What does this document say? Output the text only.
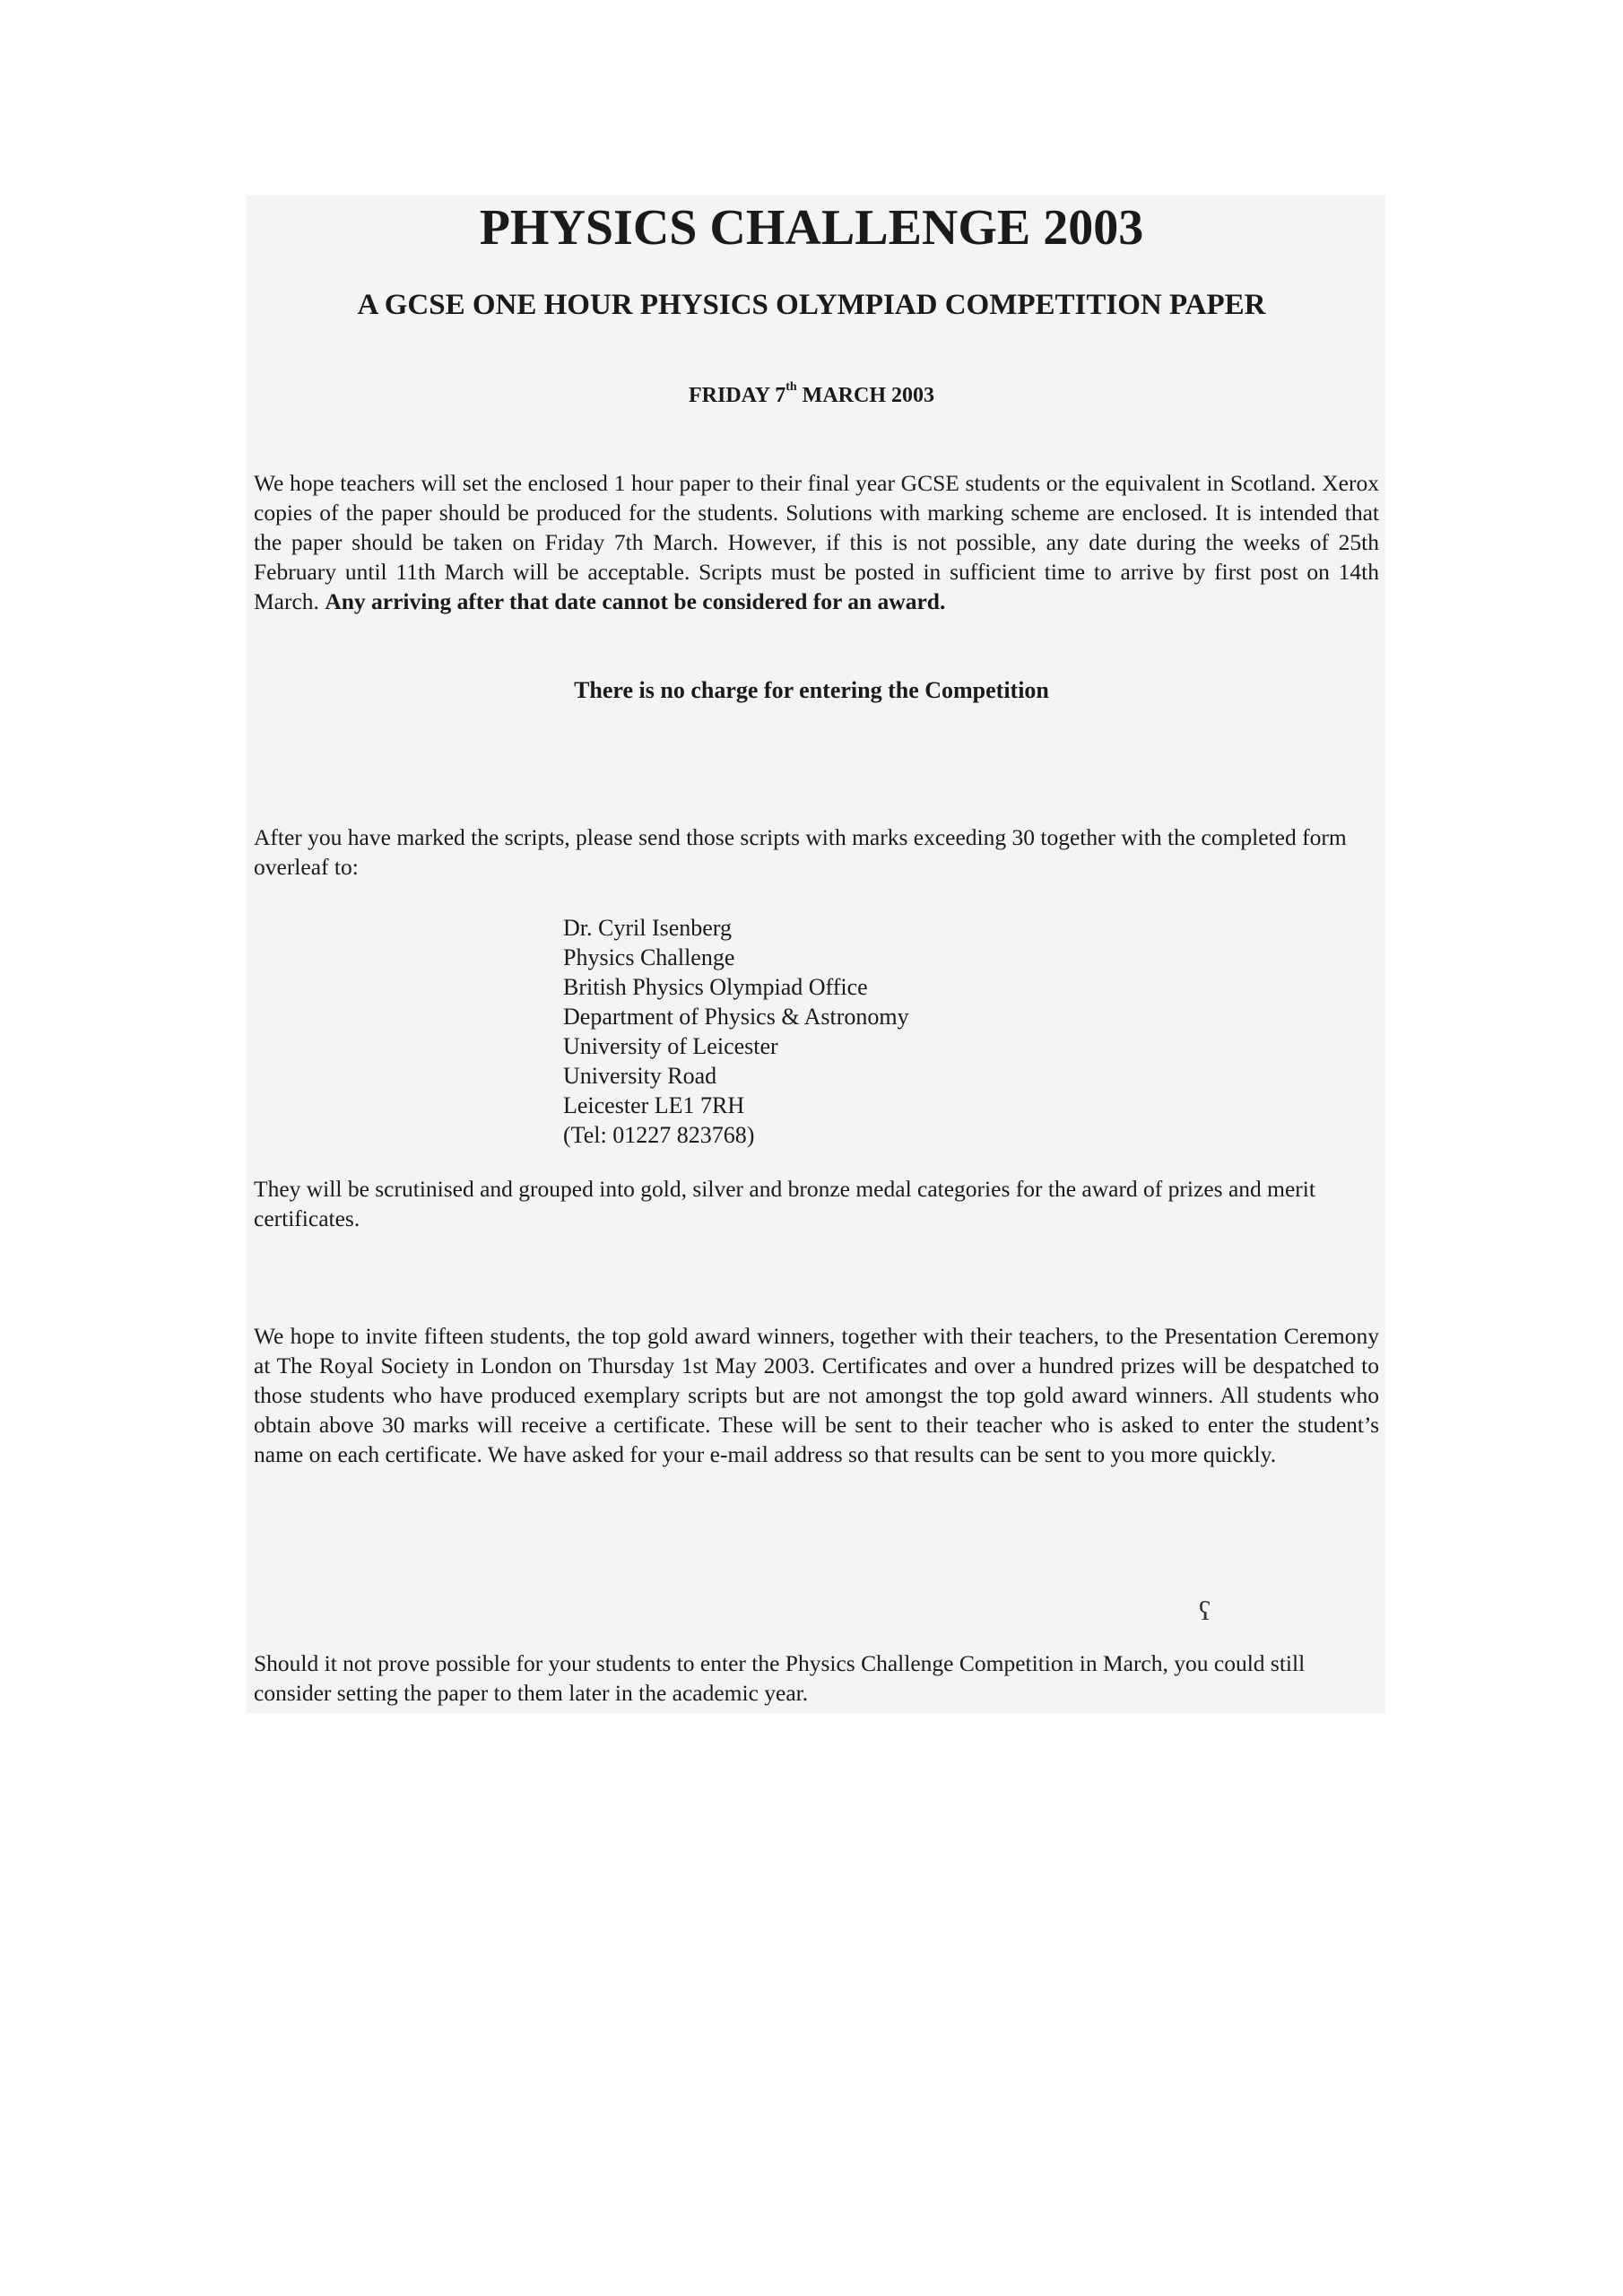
PHYSICS CHALLENGE 2003
A GCSE ONE HOUR PHYSICS OLYMPIAD COMPETITION PAPER
FRIDAY 7th MARCH 2003
We hope teachers will set the enclosed 1 hour paper to their final year GCSE students or the equivalent in Scotland. Xerox copies of the paper should be produced for the students. Solutions with marking scheme are enclosed. It is intended that the paper should be taken on Friday 7th March. However, if this is not possible, any date during the weeks of 25th February until 11th March will be acceptable. Scripts must be posted in sufficient time to arrive by first post on 14th March. Any arriving after that date cannot be considered for an award.
There is no charge for entering the Competition
After you have marked the scripts, please send those scripts with marks exceeding 30 together with the completed form overleaf to:
Dr. Cyril Isenberg
Physics Challenge
British Physics Olympiad Office
Department of Physics & Astronomy
University of Leicester
University Road
Leicester LE1 7RH
(Tel: 01227 823768)
They will be scrutinised and grouped into gold, silver and bronze medal categories for the award of prizes and merit certificates.
We hope to invite fifteen students, the top gold award winners, together with their teachers, to the Presentation Ceremony at The Royal Society in London on Thursday 1st May 2003. Certificates and over a hundred prizes will be despatched to those students who have produced exemplary scripts but are not amongst the top gold award winners. All students who obtain above 30 marks will receive a certificate. These will be sent to their teacher who is asked to enter the student’s name on each certificate. We have asked for your e-mail address so that results can be sent to you more quickly.
ʕ
Should it not prove possible for your students to enter the Physics Challenge Competition in March, you could still consider setting the paper to them later in the academic year.
